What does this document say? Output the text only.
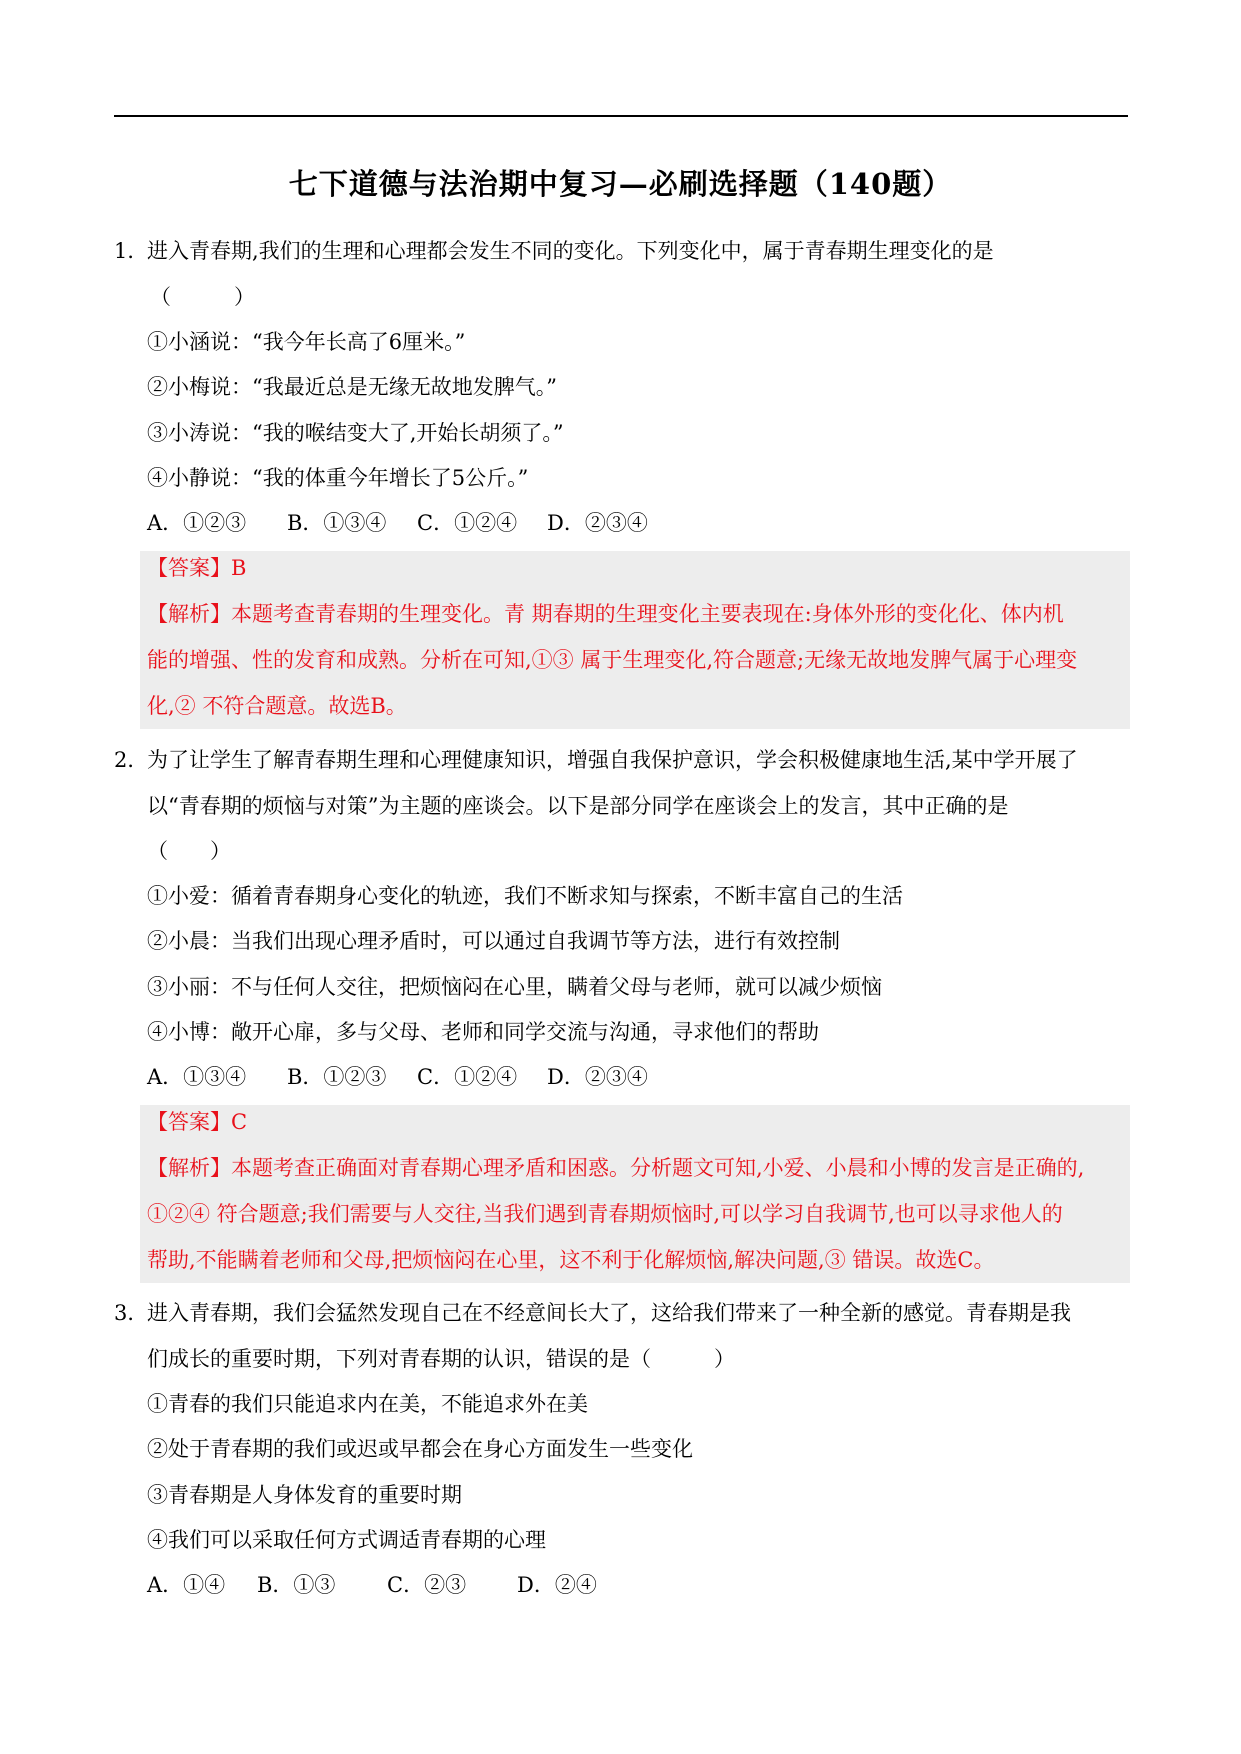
七下道德与法治期中复习—必刷选择题（140题）
1．
进入青春期,我们的生理和心理都会发生不同的变化。下列变化中，属于青春期生理变化的是
（　　　）
①小涵说：“我今年长高了6厘米。”
②小梅说：“我最近总是无缘无故地发脾气。”
③小涛说：“我的喉结变大了,开始长胡须了。”
④小静说：“我的体重今年增长了5公斤。”
A．①②③ B．①③④ C．①②④ D．②③④
【答案】B
【解析】本题考查青春期的生理变化。青 期春期的生理变化主要表现在:身体外形的变化化、体内机
能的增强、性的发育和成熟。分析在可知,①③ 属于生理变化,符合题意;无缘无故地发脾气属于心理变
化,② 不符合题意。故选B。
2．
为了让学生了解青春期生理和心理健康知识，增强自我保护意识，学会积极健康地生活,某中学开展了
以“青春期的烦恼与对策”为主题的座谈会。以下是部分同学在座谈会上的发言，其中正确的是
（　　）
①小爱：循着青春期身心变化的轨迹，我们不断求知与探索，不断丰富自己的生活
②小晨：当我们出现心理矛盾时，可以通过自我调节等方法，进行有效控制
③小丽：不与任何人交往，把烦恼闷在心里，瞒着父母与老师，就可以减少烦恼
④小博：敞开心扉，多与父母、老师和同学交流与沟通，寻求他们的帮助
A．①③④ B．①②③ C．①②④ D．②③④
【答案】C
【解析】本题考查正确面对青春期心理矛盾和困惑。分析题文可知,小爱、小晨和小博的发言是正确的,
①②④ 符合题意;我们需要与人交往,当我们遇到青春期烦恼时,可以学习自我调节,也可以寻求他人的
帮助,不能瞒着老师和父母,把烦恼闷在心里，这不利于化解烦恼,解决问题,③ 错误。故选C。
3．
进入青春期，我们会猛然发现自己在不经意间长大了，这给我们带来了一种全新的感觉。青春期是我
们成长的重要时期，下列对青春期的认识，错误的是（　　　）
①青春的我们只能追求内在美，不能追求外在美
②处于青春期的我们或迟或早都会在身心方面发生一些变化
③青春期是人身体发育的重要时期
④我们可以采取任何方式调适青春期的心理
A．①④ B．①③ C．②③ D．②④
